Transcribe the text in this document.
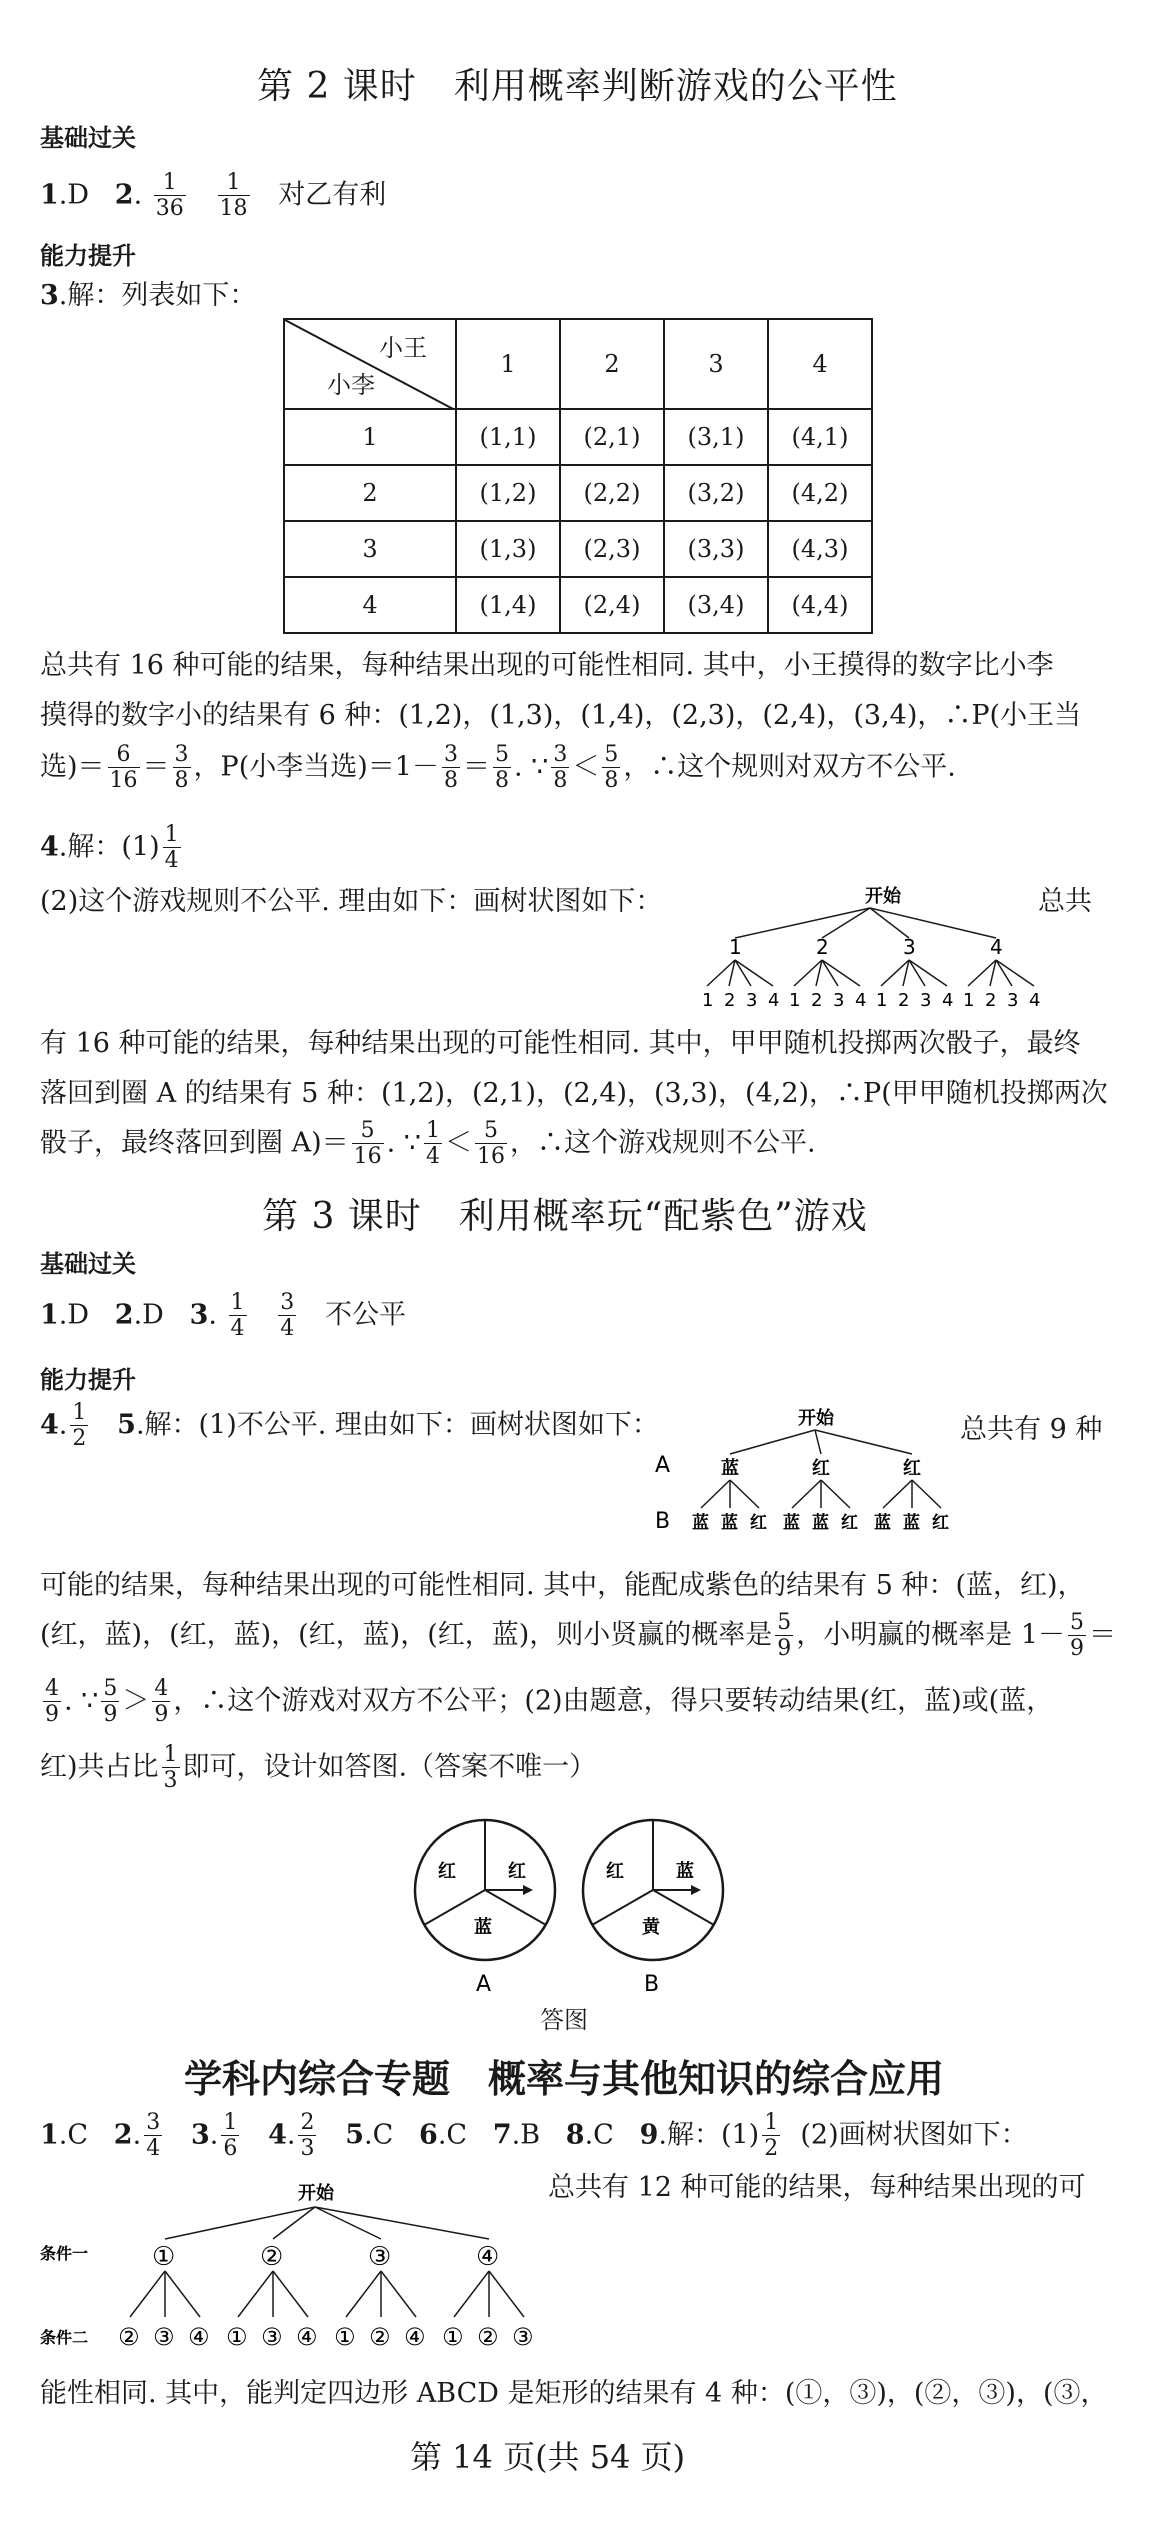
第 2 课时　利用概率判断游戏的公平性
基础过关
1.D 2. $\frac{1}{36}$
$\frac{1}{18}$ 对乙有利
能力提升
3.解：列表如下：
小王
小李	1	2	3	4
1	(1,1)	(2,1)	(3,1)	(4,1)
2	(1,2)	(2,2)	(3,2)	(4,2)
3	(1,3)	(2,3)	(3,3)	(4,3)
4	(1,4)	(2,4)	(3,4)	(4,4)
总共有 16 种可能的结果，每种结果出现的可能性相同. 其中，小王摸得的数字比小李
摸得的数字小的结果有 6 种：(1,2)，(1,3)，(1,4)，(2,3)，(2,4)，(3,4)，∴P(小王当
选)＝ $\frac{6}{16} = \frac{3}{8}$ ，P(小李当选)$=1- \frac{3}{8} = \frac{5}{8}$ . ∵ $\frac{3}{8} < \frac{5}{8}$ ，∴这个规则对双方不公平.
4.解：$(1) \frac{1}{4}$
(2)这个游戏规则不公平. 理由如下：画树状图如下：	总共
开始
1
1 2 3 4
2
1 2 3 4
3
1 2 3 4
4
1 2 3 4
有 16 种可能的结果，每种结果出现的可能性相同. 其中，甲甲随机投掷两次骰子，最终
落回到圈 A 的结果有 5 种：(1,2)，(2,1)，(2,4)，(3,3)，(4,2)，∴P(甲甲随机投掷两次
骰子，最终落回到圈 $A)= \frac{5}{16}$ . ∵ $\frac{1}{4} < \frac{5}{16}$ ，∴这个游戏规则不公平.
第 3 课时　利用概率玩“配紫色”游戏
基础过关
1.D 2.D 3. $\frac{1}{4}$
$\frac{3}{4}$ 不公平
能力提升
4. $\frac{1}{2} 5$.解：(1)不公平. 理由如下：画树状图如下：	总共有 9 种
开始
A
B
蓝
蓝 蓝 红
红
蓝 蓝 红
红
蓝 蓝 红
可能的结果，每种结果出现的可能性相同. 其中，能配成紫色的结果有 5 种：(蓝，红)，
(红，蓝)，(红，蓝)，(红，蓝)，(红，蓝)，则小贤赢的概率是 $\frac{5}{9}$ ，小明赢的概率是 $1- \frac{5}{9}$ ＝
$\frac{4}{9}$ . ∵ $\frac{5}{9} > \frac{4}{9}$ ，∴这个游戏对双方不公平；(2)由题意，得只要转动结果(红，蓝)或(蓝，
红)共占比 $\frac{1}{3}$ 即可，设计如答图.（答案不唯一）
红	红
蓝
A
红	蓝
黄
B
答图
学科内综合专题　概率与其他知识的综合应用
1.C 2. $\frac{3}{4} 3$. $\frac{1}{6} 4$. $\frac{2}{3} 5.C$ 6.C 7.B 8.C 9.解：$(1) \frac{1}{2} (2)$画树状图如下：
总共有 12 种可能的结果，每种结果出现的可
开始
条件一
条件二
①
② ③ ④
②
① ③ ④
③
① ② ④
④
① ② ③
能性相同. 其中，能判定四边形 ABCD 是矩形的结果有 4 种：(①，③)，(②，③)，(③，
第 14 页(共 54 页)
